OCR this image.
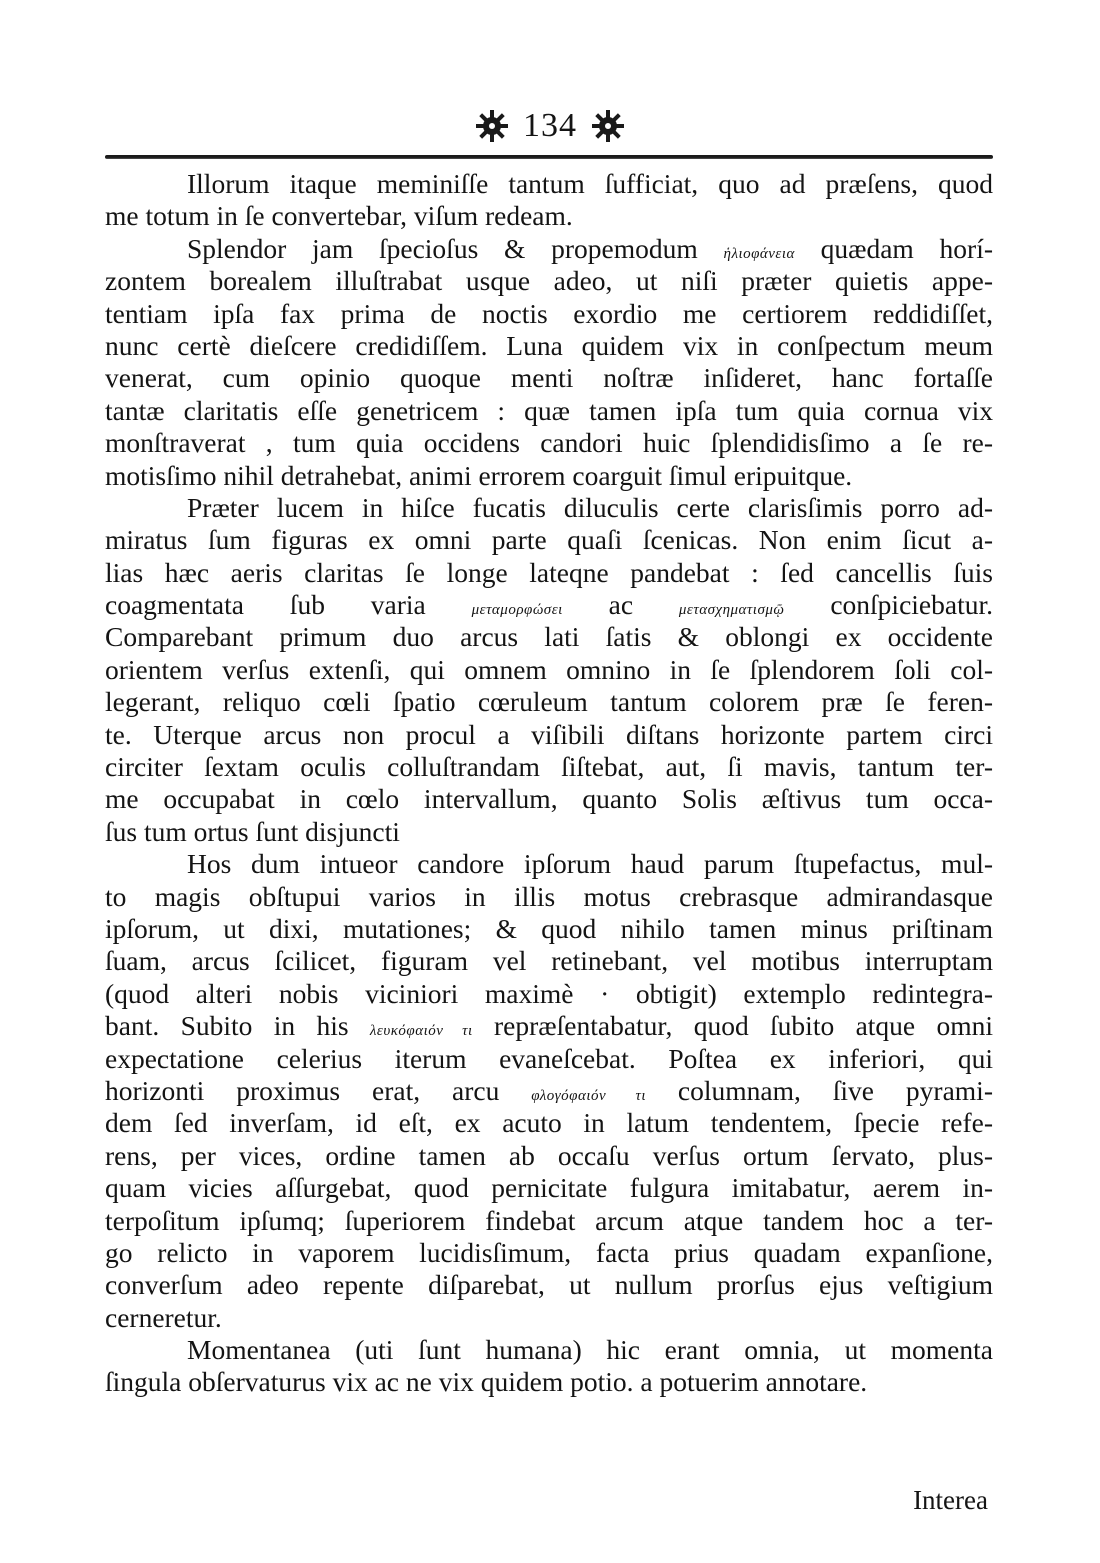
134
Illorum itaque meminiſſe tantum ſufficiat, quo ad præſens, quod
me totum in ſe convertebar, viſum redeam.
Splendor jam ſpecioſus & propemodum ἡλιοφάνεια quædam horí-
zontem borealem illuſtrabat usque adeo, ut niſi præter quietis appe-
tentiam ipſa fax prima de noctis exordio me certiorem reddidiſſet,
nunc certè dieſcere credidiſſem. Luna quidem vix in conſpectum meum
venerat, cum opinio quoque menti noſtræ inſideret, hanc fortaſſe
tantæ claritatis eſſe genetricem : quæ tamen ipſa tum quia cornua vix
monſtraverat , tum quia occidens candori huic ſplendidisſimo a ſe re-
motisſimo nihil detrahebat, animi errorem coarguit ſimul eripuitque.
Præter lucem in hiſce fucatis diluculis certe clarisſimis porro ad-
miratus ſum figuras ex omni parte quaſi ſcenicas. Non enim ſicut a-
lias hæc aeris claritas ſe longe lateqne pandebat : ſed cancellis ſuis
coagmentata ſub varia μεταμορφώσει ac μετασχηματισμῷ conſpiciebatur.
Comparebant primum duo arcus lati ſatis & oblongi ex occidente
orientem verſus extenſi, qui omnem omnino in ſe ſplendorem ſoli col-
legerant, reliquo cœli ſpatio cœruleum tantum colorem præ ſe feren-
te. Uterque arcus non procul a viſibili diſtans horizonte partem circi
circiter ſextam oculis colluſtrandam ſiſtebat, aut, ſi mavis, tantum ter-
me occupabat in cœlo intervallum, quanto Solis æſtivus tum occa-
ſus tum ortus ſunt disjuncti
Hos dum intueor candore ipſorum haud parum ſtupefactus, mul-
to magis obſtupui varios in illis motus crebrasque admirandasque
ipſorum, ut dixi, mutationes; & quod nihilo tamen minus priſtinam
ſuam, arcus ſcilicet, figuram vel retinebant, vel motibus interruptam
(quod alteri nobis viciniori maximè · obtigit) extemplo redintegra-
bant. Subito in his λευκόφαιόν τι repræſentabatur, quod ſubito atque omni
expectatione celerius iterum evaneſcebat. Poſtea ex inferiori, qui
horizonti proximus erat, arcu φλογόφαιόν τι columnam, ſive pyrami-
dem ſed inverſam, id eſt, ex acuto in latum tendentem, ſpecie refe-
rens, per vices, ordine tamen ab occaſu verſus ortum ſervato, plus-
quam vicies aſſurgebat, quod pernicitate fulgura imitabatur, aerem in-
terpoſitum ipſumq; ſuperiorem findebat arcum atque tandem hoc a ter-
go relicto in vaporem lucidisſimum, facta prius quadam expanſione,
converſum adeo repente diſparebat, ut nullum prorſus ejus veſtigium
cerneretur.
Momentanea (uti ſunt humana) hic erant omnia, ut momenta
ſingula obſervaturus vix ac ne vix quidem potio. a potuerim annotare.
Interea
